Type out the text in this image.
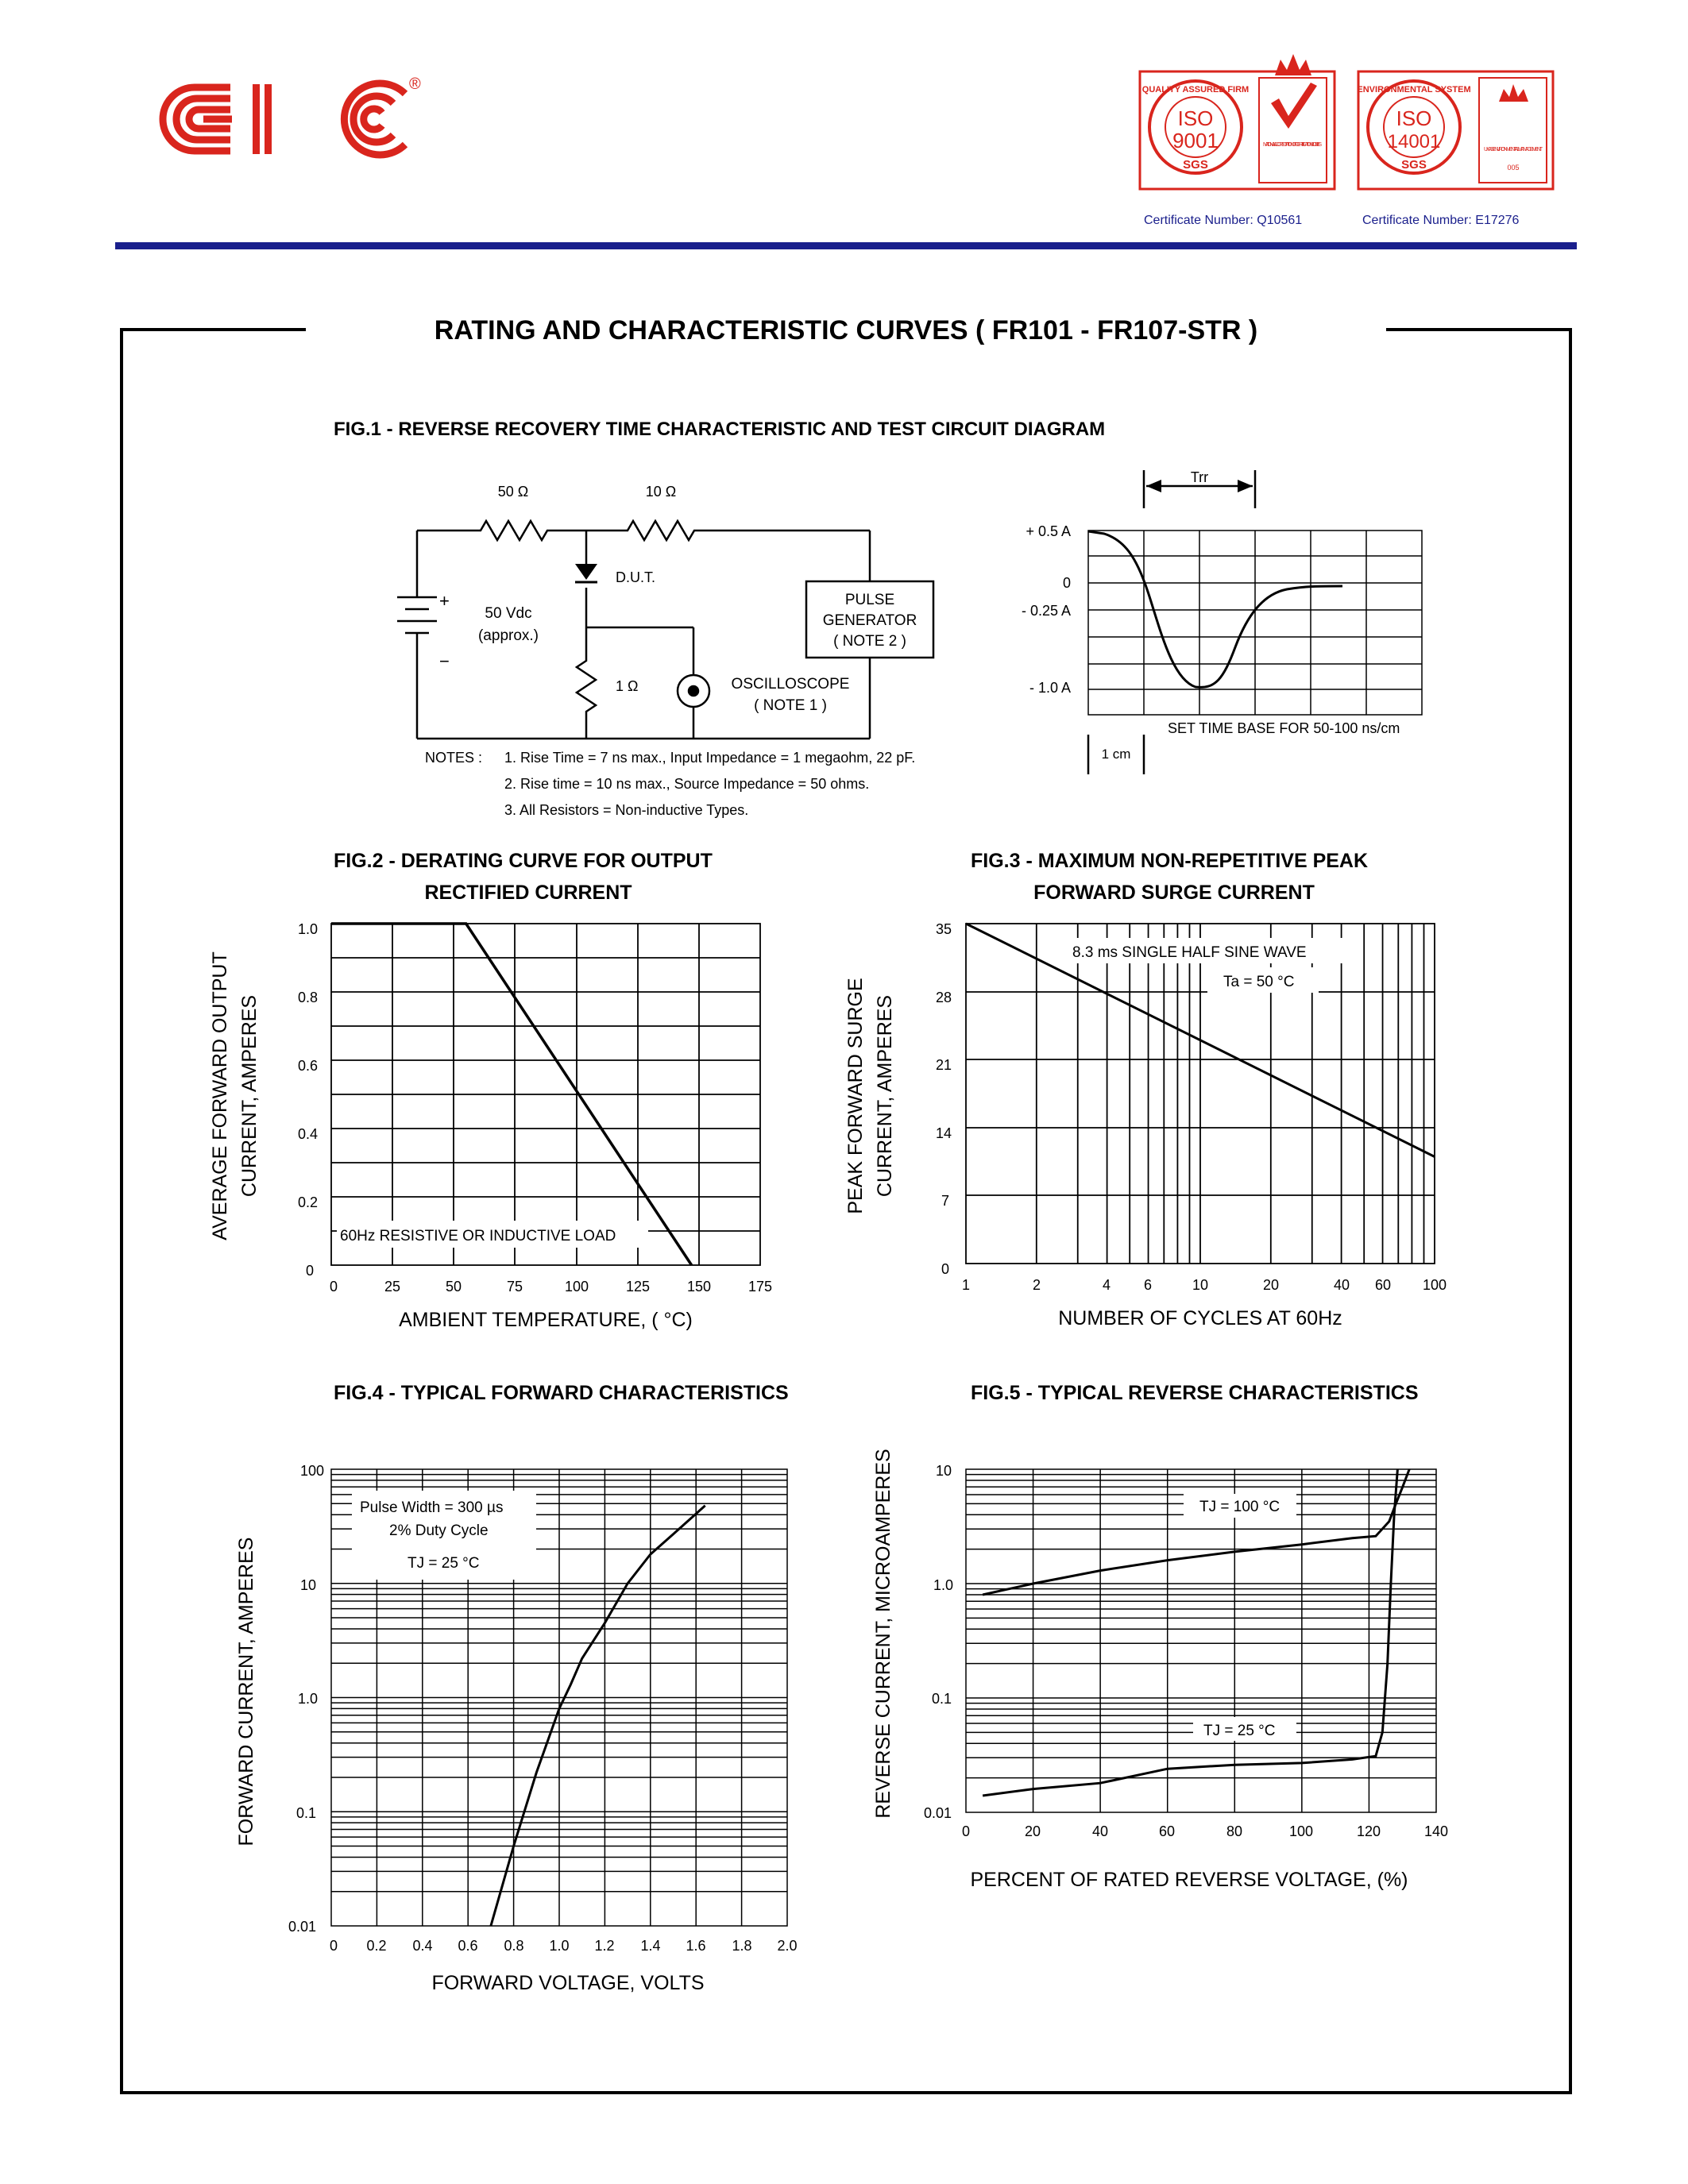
®	QUALITY ASSURED FIRM
ISO
9001
SGS
NATIONAL ACCREDITATION OF CERTIFICATION BODIES
Certificate Number: Q10561
ENVIRONMENTAL SYSTEM
ISO
14001
SGS
UKAS ENVIRONMENTAL MANAGEMENT
005
Certificate Number: E17276
RATING AND CHARACTERISTIC CURVES ( FR101 - FR107-STR )
FIG.1 - REVERSE RECOVERY TIME CHARACTERISTIC AND TEST CIRCUIT DIAGRAM
50 Ω	10 Ω
D.U.T.
+
−
50 Vdc
(approx.)
1 Ω
PULSE
GENERATOR
( NOTE 2 )
OSCILLOSCOPE
( NOTE 1 )
NOTES : 1. Rise Time = 7 ns max., Input Impedance = 1 megaohm, 22 pF.
2. Rise time = 10 ns max., Source Impedance = 50 ohms.
3. All Resistors = Non-inductive Types.
+ 0.5 A
0
- 0.25 A
- 1.0 A
Trr
SET TIME BASE FOR 50-100 ns/cm
1 cm
FIG.2 - DERATING CURVE FOR OUTPUT
RECTIFIED CURRENT
60Hz RESISTIVE OR INDUCTIVE LOAD
0
0.2
0.4
0.6
0.8
1.0
0	25	50	75	100	125	150	175
AMBIENT TEMPERATURE, ( °C)
AVERAGE FORWARD OUTPUT CURRENT, AMPERES
FIG.3 - MAXIMUM NON-REPETITIVE PEAK
FORWARD SURGE CURRENT
8.3 ms SINGLE HALF SINE WAVE
Ta = 50 °C
0
7
14
21
28
35
1	2	4 6	10	20	40 60 100
NUMBER OF CYCLES AT 60Hz
PEAK FORWARD SURGE CURRENT, AMPERES
FIG.4 - TYPICAL FORWARD CHARACTERISTICS
Pulse Width = 300 µs
2% Duty Cycle
TJ = 25 °C
0.01
0.1
1.0
10
100
0 0.2 0.4 0.6 0.8 1.0 1.2 1.4 1.6 1.8 2.0
FORWARD VOLTAGE, VOLTS
FORWARD CURRENT, AMPERES
FIG.5 - TYPICAL REVERSE CHARACTERISTICS
TJ = 100 °C
TJ = 25 °C
0.01
0.1
1.0
10
0	20	40	60	80	100	120	140
PERCENT OF RATED REVERSE VOLTAGE, (%)
REVERSE CURRENT, MICROAMPERES
